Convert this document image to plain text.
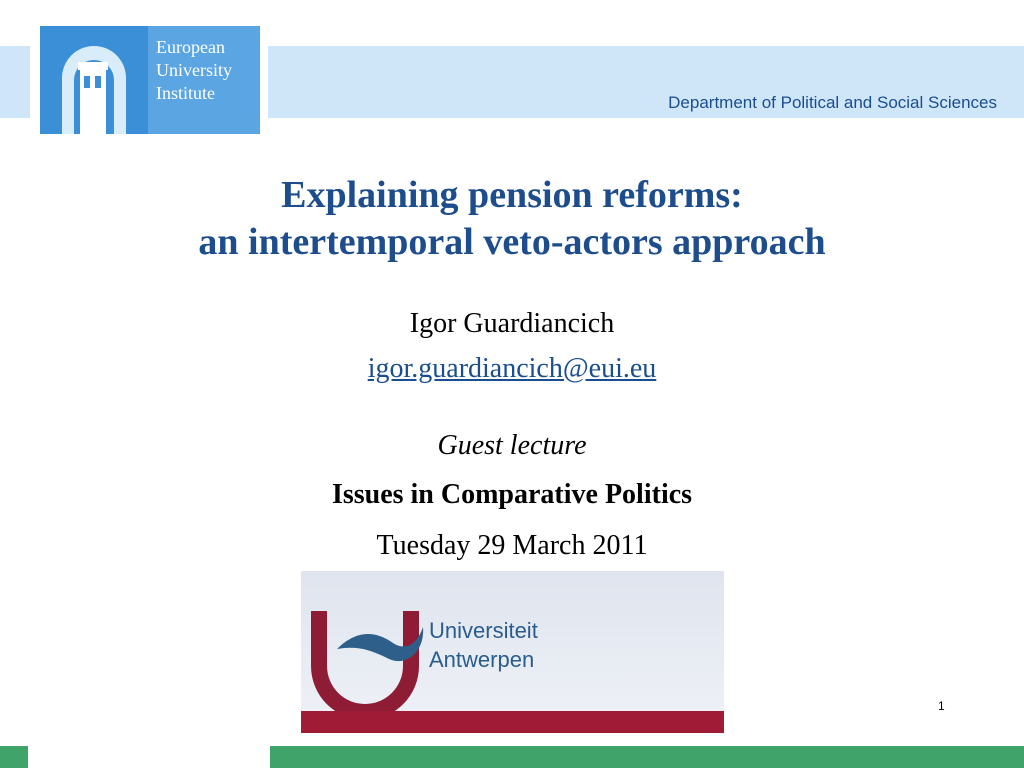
European
University
Institute	Department of Political and Social Sciences
Explaining pension reforms:
an intertemporal veto-actors approach
Igor Guardiancich
igor.guardiancich@eui.eu
Guest lecture
Issues in Comparative Politics
Tuesday 29 March 2011
Universiteit
Antwerpen
1
